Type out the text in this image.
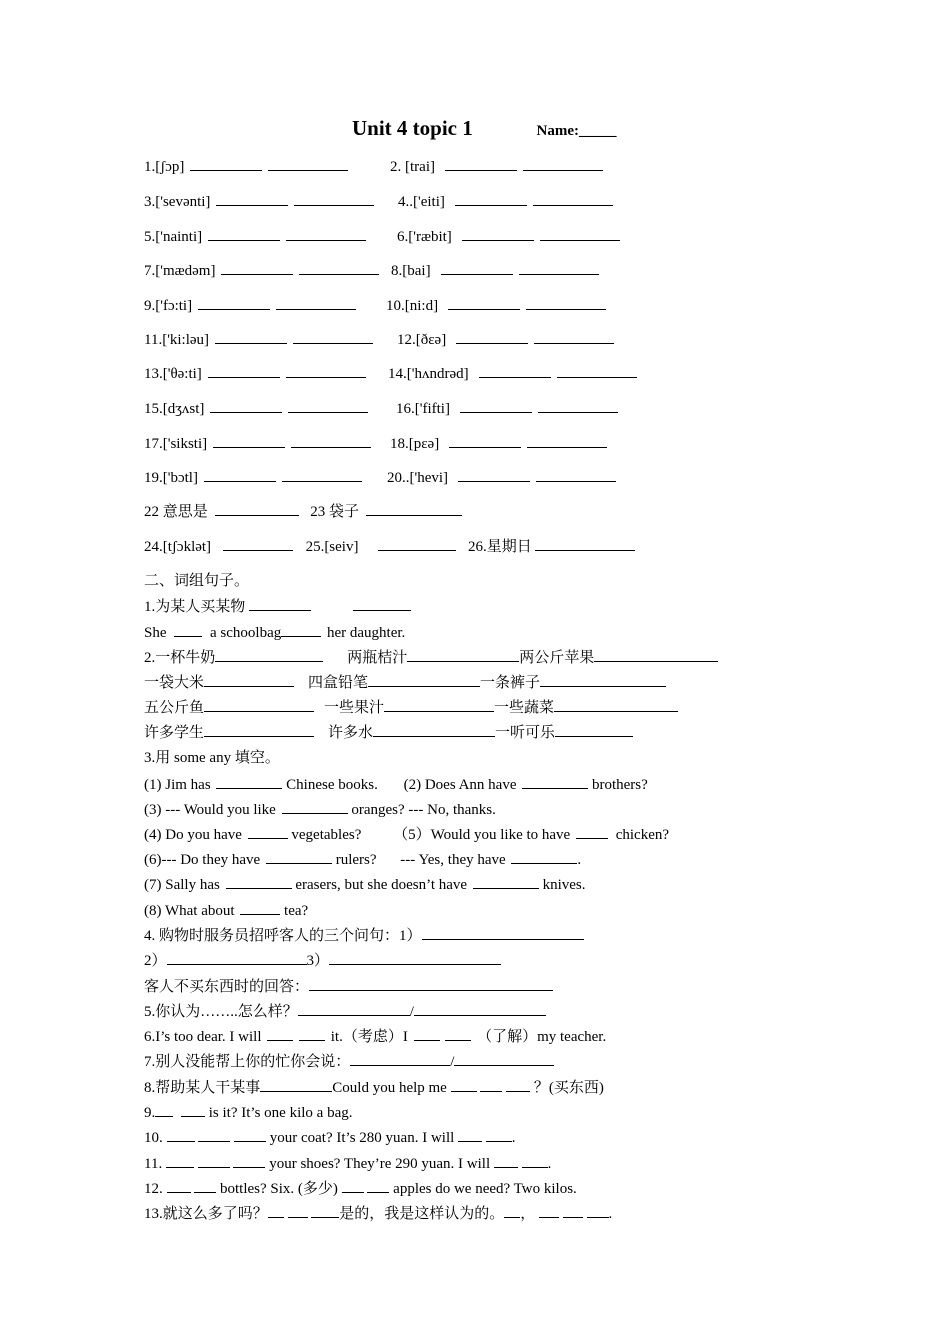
Unit 4 topic 1	Name:_____
1.[ʃɔp]	2. [trai]
3.['sevənti]	4..['eiti]
5.['nainti]	6.['ræbit]
7.['mædəm]	8.[bai]
9.['fɔ:ti]	10.[ni:d]
11.['ki:ləu]	12.[ðεə]
13.['θə:ti]	14.['hʌndrəd]
15.[dʒʌst]	16.['fifti]
17.['siksti]	18.[pεə]
19.['bɔtl]	20..['hevi]
22 意思是	23 袋子
24.[tʃɔklət]	25.[seiv]	26.星期日
二、词组句子。
1.为某人买某物
She	a schoolbag	her daughter.
2.一杯牛奶	两瓶桔汁	两公斤苹果
一袋大米	四盒铅笔	一条裤子
五公斤鱼	一些果汁	一些蔬菜
许多学生	许多水	一听可乐
3.用 some any 填空。
(1) Jim has	Chinese books. (2) Does Ann have	brothers?
(3) --- Would you like	oranges? --- No, thanks.
(4) Do you have	vegetables? （5）Would you like to have	chicken?
(6)--- Do they have	rulers? --- Yes, they have	.
(7) Sally has	erasers, but she doesn’t have	knives.
(8) What about	tea?
4. 购物时服务员招呼客人的三个问句：1）
2）	3）
客人不买东西时的回答：
5.你认为……..怎么样？	/
6.I’s too dear. I will	it.（考虑）I	（了解）my teacher.
7.别人没能帮上你的忙你会说：	/
8.帮助某人干某事	Could you help me	？(买东西)
9.	is it? It’s one kilo a bag.
10.	your coat? It’s 280 yuan. I will	.
11.	your shoes? They’re 290 yuan. I will	.
12.	bottles? Six. (多少)	apples do we need? Two kilos.
13.就这么多了吗？	是的，我是这样认为的。 ，	.
